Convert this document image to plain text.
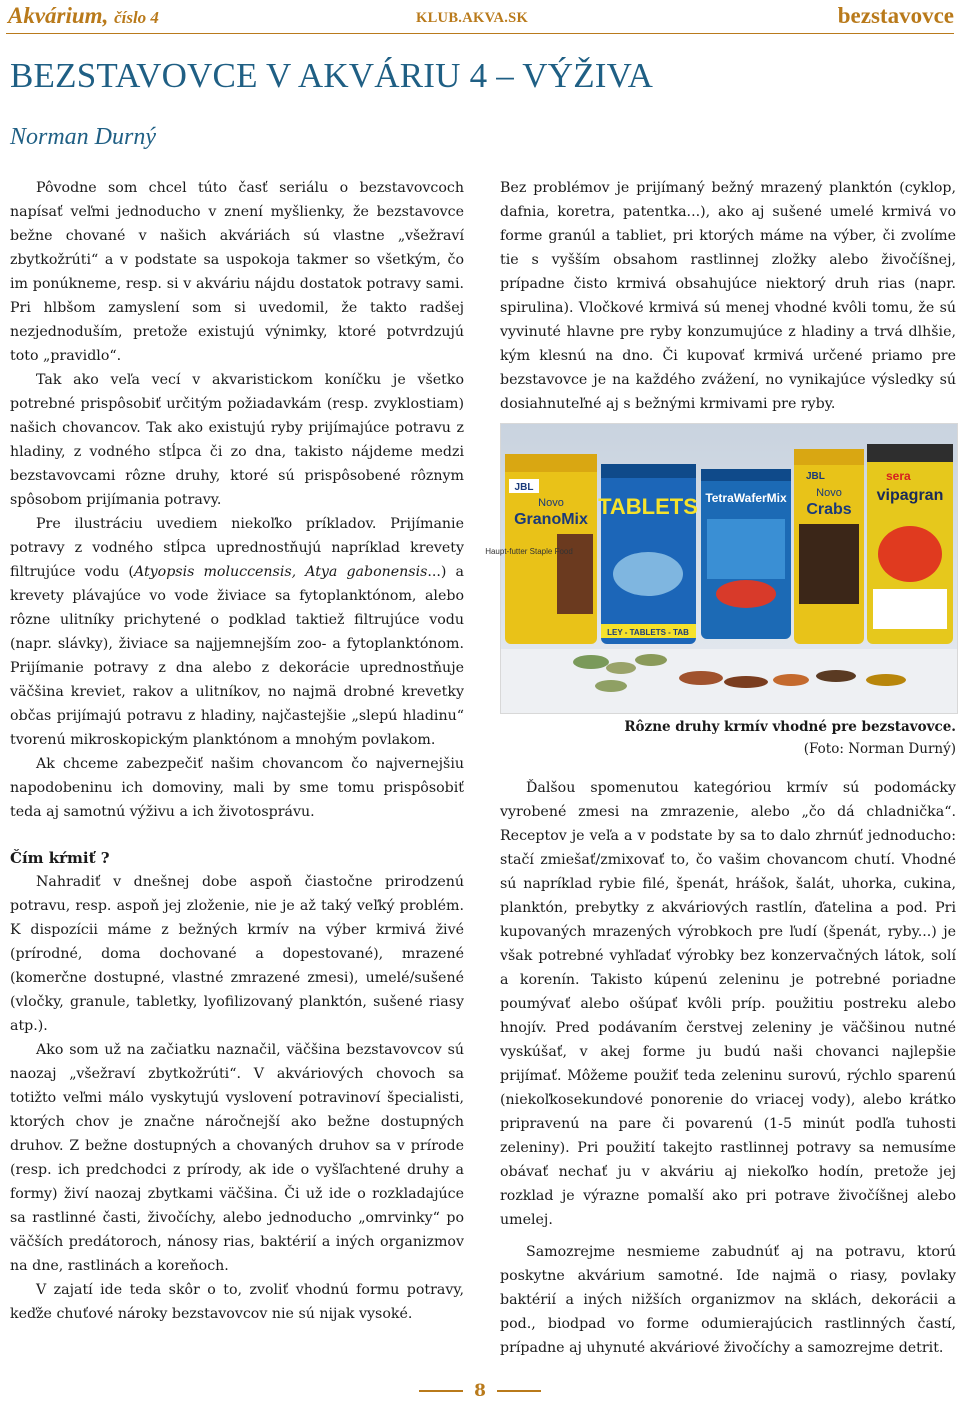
Akvárium, číslo 4	KLUB.AKVA.SK	bezstavovce
BEZSTAVOVCE V AKVÁRIU 4 – VÝŽIVA
Norman Durný

Pôvodne som chcel túto časť seriálu o bezstavovcoch napísať veľmi jednoducho v znení myšlienky, že bezstavovce bežne chované v našich akváriách sú vlastne „všežraví zbytkožrúti“ a v podstate sa uspokoja takmer so všetkým, čo im ponúkneme, resp. si v akváriu nájdu dostatok potravy sami. Pri hlbšom zamyslení som si uvedomil, že takto radšej nezjednoduším, pretože existujú výnimky, ktoré potvrdzujú toto „pravidlo“.

Tak ako veľa vecí v akvaristickom koníčku je všetko potrebné prispôsobiť určitým požiadavkám (resp. zvyklostiam) našich chovancov. Tak ako existujú ryby prijímajúce potravu z hladiny, z vodného stĺpca či zo dna, takisto nájdeme medzi bezstavovcami rôzne druhy, ktoré sú prispôsobené rôznym spôsobom prijímania potravy.

Pre ilustráciu uvediem niekoľko príkladov. Prijímanie potravy z vodného stĺpca uprednostňujú napríklad krevety filtrujúce vodu (Atyopsis moluccensis, Atya gabonensis...) a krevety plávajúce vo vode živiace sa fytoplanktónom, alebo rôzne ulitníky prichytené o podklad taktiež filtrujúce vodu (napr. slávky), živiace sa najjemnejším zoo- a fytoplanktónom. Prijímanie potravy z dna alebo z dekorácie uprednostňuje väčšina kreviet, rakov a ulitníkov, no najmä drobné krevetky občas prijímajú potravu z hladiny, najčastejšie „slepú hladinu“ tvorenú mikroskopickým planktónom a mnohým povlakom.

Ak chceme zabezpečiť našim chovancom čo najvernejšiu napodobeninu ich domoviny, mali by sme tomu prispôsobiť teda aj samotnú výživu a ich životosprávu.

Čím kŕmiť ?

Nahradiť v dnešnej dobe aspoň čiastočne prirodzenú potravu, resp. aspoň jej zloženie, nie je až taký veľký problém. K dispozícii máme z bežných krmív na výber krmivá živé (prírodné, doma dochované a dopestované), mrazené (komerčne dostupné, vlastné zmrazené zmesi), umelé/sušené (vločky, granule, tabletky, lyofilizovaný planktón, sušené riasy atp.).

Ako som už na začiatku naznačil, väčšina bezstavovcov sú naozaj „všežraví zbytkožrúti“. V akváriových chovoch sa totižto veľmi málo vyskytujú vyslovení potravinoví špecialisti, ktorých chov je značne náročnejší ako bežne dostupných druhov. Z bežne dostupných a chovaných druhov sa v prírode (resp. ich predchodci z prírody, ak ide o vyšľachtené druhy a formy) živí naozaj zbytkami väčšina. Či už ide o rozkladajúce sa rastlinné časti, živočíchy, alebo jednoducho „omrvinky“ po väčších predátoroch, nánosy rias, baktérií a iných organizmov na dne, rastlinách a koreňoch.

V zajatí ide teda skôr o to, zvoliť vhodnú formu potravy, keďže chuťové nároky bezstavovcov nie sú nijak vysoké.

Bez problémov je prijímaný bežný mrazený planktón (cyklop, dafnia, koretra, patentka...), ako aj sušené umelé krmivá vo forme granúl a tabliet, pri ktorých máme na výber, či zvolíme tie s vyšším obsahom rastlinnej zložky alebo živočíšnej, prípadne čisto krmivá obsahujúce niektorý druh rias (napr. spirulina). Vločkové krmivá sú menej vhodné kvôli tomu, že sú vyvinuté hlavne pre ryby konzumujúce z hladiny a trvá dlhšie, kým klesnú na dno. Či kupovať krmivá určené priamo pre bezstavovce je na každého zvážení, no vynikajúce výsledky sú dosiahnuteľné aj s bežnými krmivami pre ryby.

JBL
Novo
GranoMix
Haupt-futter Staple Food
TABLETS
LEY - TABLETS - TAB
TetraWaferMix
JBL
Novo
Crabs
sera
vipagran
Rôzne druhy krmív vhodné pre bezstavovce.
(Foto: Norman Durný)

Ďalšou spomenutou kategóriou krmív sú podomácky vyrobené zmesi na zmrazenie, alebo „čo dá chladnička“. Receptov je veľa a v podstate by sa to dalo zhrnúť jednoducho: stačí zmiešať/zmixovať to, čo vašim chovancom chutí. Vhodné sú napríklad rybie filé, špenát, hrášok, šalát, uhorka, cukina, planktón, prebytky z akváriových rastlín, ďatelina a pod. Pri kupovaných mrazených výrobkoch pre ľudí (špenát, ryby...) je však potrebné vyhľadať výrobky bez konzervačných látok, solí a korenín. Takisto kúpenú zeleninu je potrebné poriadne poumývať alebo ošúpať kvôli príp. použitiu postreku alebo hnojív. Pred podávaním čerstvej zeleniny je väčšinou nutné vyskúšať, v akej forme ju budú naši chovanci najlepšie prijímať. Môžeme použiť teda zeleninu surovú, rýchlo sparenú (niekoľkosekundové ponorenie do vriacej vody), alebo krátko pripravenú na pare či povarenú (1-5 minút podľa tuhosti zeleniny). Pri použití takejto rastlinnej potravy sa nemusíme obávať nechať ju v akváriu aj niekoľko hodín, pretože jej rozklad je výrazne pomalší ako pri potrave živočíšnej alebo umelej.

Samozrejme nesmieme zabudnúť aj na potravu, ktorú poskytne akvárium samotné. Ide najmä o riasy, povlaky baktérií a iných nižších organizmov na sklách, dekorácii a pod., biodpad vo forme odumierajúcich rastlinných častí, prípadne aj uhynuté akváriové živočíchy a samozrejme detrit.

8
